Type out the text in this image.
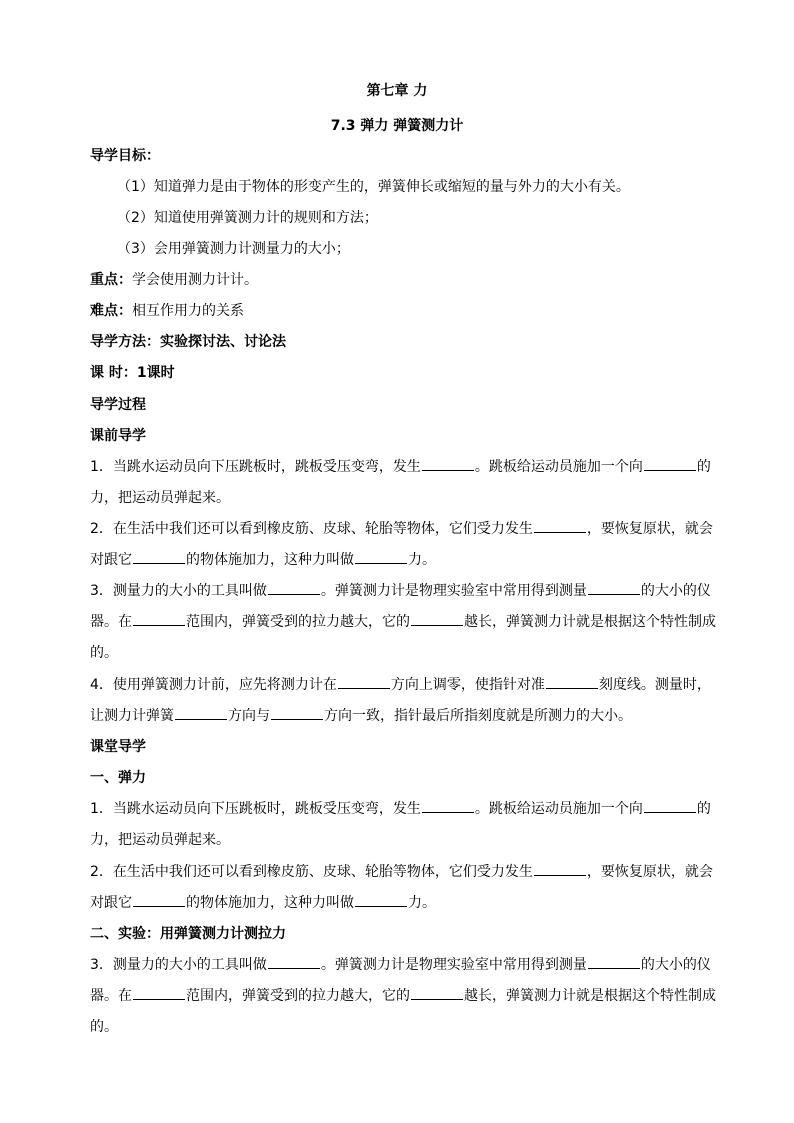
第七章 力
7.3 弹力 弹簧测力计
导学目标：
（1）知道弹力是由于物体的形变产生的，弹簧伸长或缩短的量与外力的大小有关。
（2）知道使用弹簧测力计的规则和方法；
（3）会用弹簧测力计测量力的大小；
重点：学会使用测力计计。
难点：相互作用力的关系
导学方法：实验探讨法、讨论法
课 时：1课时
导学过程
课前导学
1．当跳水运动员向下压跳板时，跳板受压变弯，发生	。跳板给运动员施加一个向	的
力，把运动员弹起来。
2．在生活中我们还可以看到橡皮筋、皮球、轮胎等物体，它们受力发生	，要恢复原状，就会
对跟它	的物体施加力，这种力叫做	力。
3．测量力的大小的工具叫做	。弹簧测力计是物理实验室中常用得到测量	的大小的仪
器。在	范围内，弹簧受到的拉力越大，它的	越长，弹簧测力计就是根据这个特性制成
的。
4．使用弹簧测力计前，应先将测力计在	方向上调零，使指针对准	刻度线。测量时，
让测力计弹簧	方向与	方向一致，指针最后所指刻度就是所测力的大小。
课堂导学
一、弹力
1．当跳水运动员向下压跳板时，跳板受压变弯，发生	。跳板给运动员施加一个向	的
力，把运动员弹起来。
2．在生活中我们还可以看到橡皮筋、皮球、轮胎等物体，它们受力发生	，要恢复原状，就会
对跟它	的物体施加力，这种力叫做	力。
二、实验：用弹簧测力计测拉力
3．测量力的大小的工具叫做	。弹簧测力计是物理实验室中常用得到测量	的大小的仪
器。在	范围内，弹簧受到的拉力越大，它的	越长，弹簧测力计就是根据这个特性制成
的。
